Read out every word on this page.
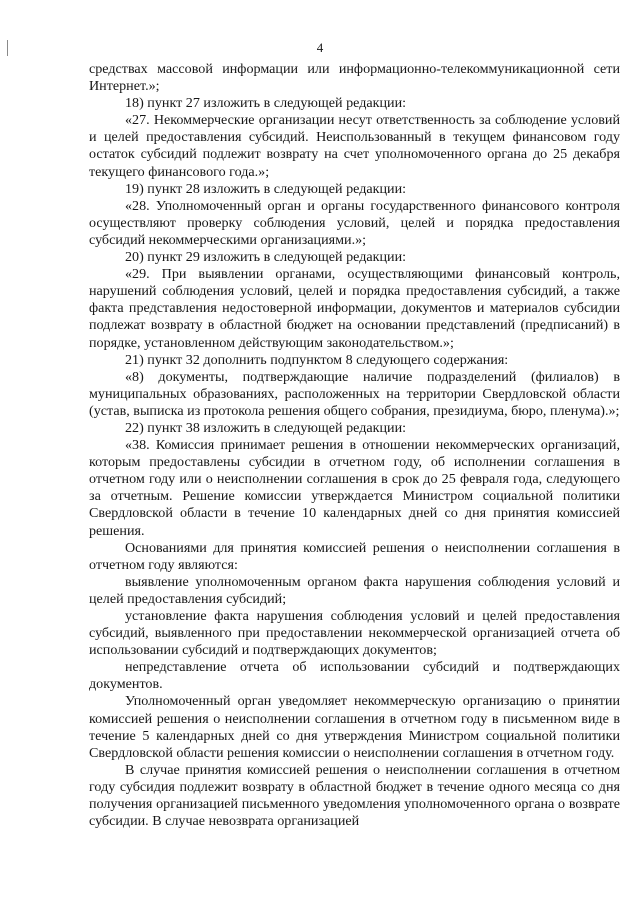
4

средствах массовой информации или информационно-телекоммуникационной сети Интернет.»;

18) пункт 27 изложить в следующей редакции:

«27. Некоммерческие организации несут ответственность за соблюдение условий и целей предоставления субсидий. Неиспользованный в текущем финансовом году остаток субсидий подлежит возврату на счет уполномоченного органа до 25 декабря текущего финансового года.»;

19) пункт 28 изложить в следующей редакции:

«28. Уполномоченный орган и органы государственного финансового контроля осуществляют проверку соблюдения условий, целей и порядка предоставления субсидий некоммерческими организациями.»;

20) пункт 29 изложить в следующей редакции:

«29. При выявлении органами, осуществляющими финансовый контроль, нарушений соблюдения условий, целей и порядка предоставления субсидий, а также факта представления недостоверной информации, документов и материалов субсидии подлежат возврату в областной бюджет на основании представлений (предписаний) в порядке, установленном действующим законодательством.»;

21) пункт 32 дополнить подпунктом 8 следующего содержания:

«8) документы, подтверждающие наличие подразделений (филиалов) в муниципальных образованиях, расположенных на территории Свердловской области (устав, выписка из протокола решения общего собрания, президиума, бюро, пленума).»;

22) пункт 38 изложить в следующей редакции:

«38. Комиссия принимает решения в отношении некоммерческих организаций, которым предоставлены субсидии в отчетном году, об исполнении соглашения в отчетном году или о неисполнении соглашения в срок до 25 февраля года, следующего за отчетным. Решение комиссии утверждается Министром социальной политики Свердловской области в течение 10 календарных дней со дня принятия комиссией решения.

Основаниями для принятия комиссией решения о неисполнении соглашения в отчетном году являются:

выявление уполномоченным органом факта нарушения соблюдения условий и целей предоставления субсидий;

установление факта нарушения соблюдения условий и целей предоставления субсидий, выявленного при предоставлении некоммерческой организацией отчета об использовании субсидий и подтверждающих документов;

непредставление отчета об использовании субсидий и подтверждающих документов.

Уполномоченный орган уведомляет некоммерческую организацию о принятии комиссией решения о неисполнении соглашения в отчетном году в письменном виде в течение 5 календарных дней со дня утверждения Министром социальной политики Свердловской области решения комиссии о неисполнении соглашения в отчетном году.

В случае принятия комиссией решения о неисполнении соглашения в отчетном году субсидия подлежит возврату в областной бюджет в течение одного месяца со дня получения организацией письменного уведомления уполномоченного органа о возврате субсидии. В случае невозврата организацией
